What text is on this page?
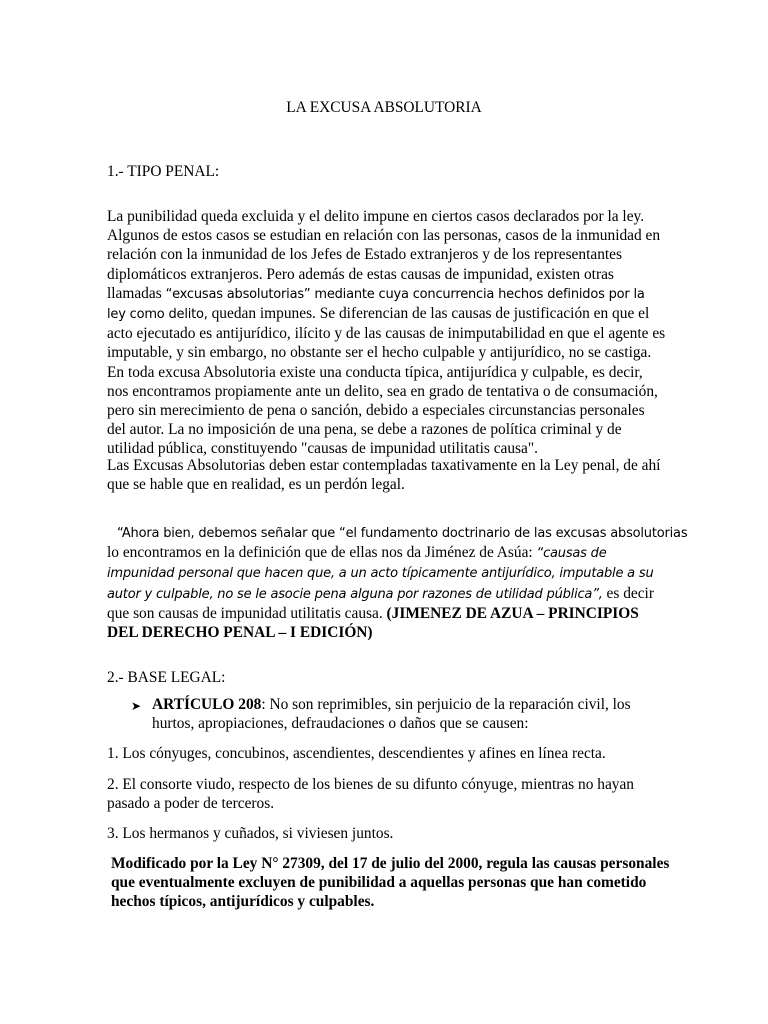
LA EXCUSA ABSOLUTORIA
1.- TIPO PENAL:
La punibilidad queda excluida y el delito impune en ciertos casos declarados por la ley. Algunos de estos casos se estudian en relación con las personas, casos de la inmunidad en relación con la inmunidad de los Jefes de Estado extranjeros y de los representantes diplomáticos extranjeros. Pero además de estas causas de impunidad, existen otras llamadas “excusas absolutorias” mediante cuya concurrencia hechos definidos por la ley como delito, quedan impunes. Se diferencian de las causas de justificación en que el acto ejecutado es antijurídico, ilícito y de las causas de inimputabilidad en que el agente es imputable, y sin embargo, no obstante ser el hecho culpable y antijurídico, no se castiga. En toda excusa Absolutoria existe una conducta típica, antijurídica y culpable, es decir, nos encontramos propiamente ante un delito, sea en grado de tentativa o de consumación, pero sin merecimiento de pena o sanción, debido a especiales circunstancias personales del autor. La no imposición de una pena, se debe a razones de política criminal y de utilidad pública, constituyendo "causas de impunidad utilitatis causa".
Las Excusas Absolutorias deben estar contempladas taxativamente en la Ley penal, de ahí que se hable que en realidad, es un perdón legal.
“Ahora bien, debemos señalar que “el fundamento doctrinario de las excusas absolutorias
lo encontramos en la definición que de ellas nos da Jiménez de Asúa: “causas de impunidad personal que hacen que, a un acto típicamente antijurídico, imputable a su autor y culpable, no se le asocie pena alguna por razones de utilidad pública”, es decir que son causas de impunidad utilitatis causa. (JIMENEZ DE AZUA – PRINCIPIOS DEL DERECHO PENAL – I EDICIÓN)
2.- BASE LEGAL:
➤ ARTÍCULO 208: No son reprimibles, sin perjuicio de la reparación civil, los hurtos, apropiaciones, defraudaciones o daños que se causen:
1. Los cónyuges, concubinos, ascendientes, descendientes y afines en línea recta.
2. El consorte viudo, respecto de los bienes de su difunto cónyuge, mientras no hayan pasado a poder de terceros.
3. Los hermanos y cuñados, si viviesen juntos.
Modificado por la Ley N° 27309, del 17 de julio del 2000, regula las causas personales que eventualmente excluyen de punibilidad a aquellas personas que han cometido hechos típicos, antijurídicos y culpables.
